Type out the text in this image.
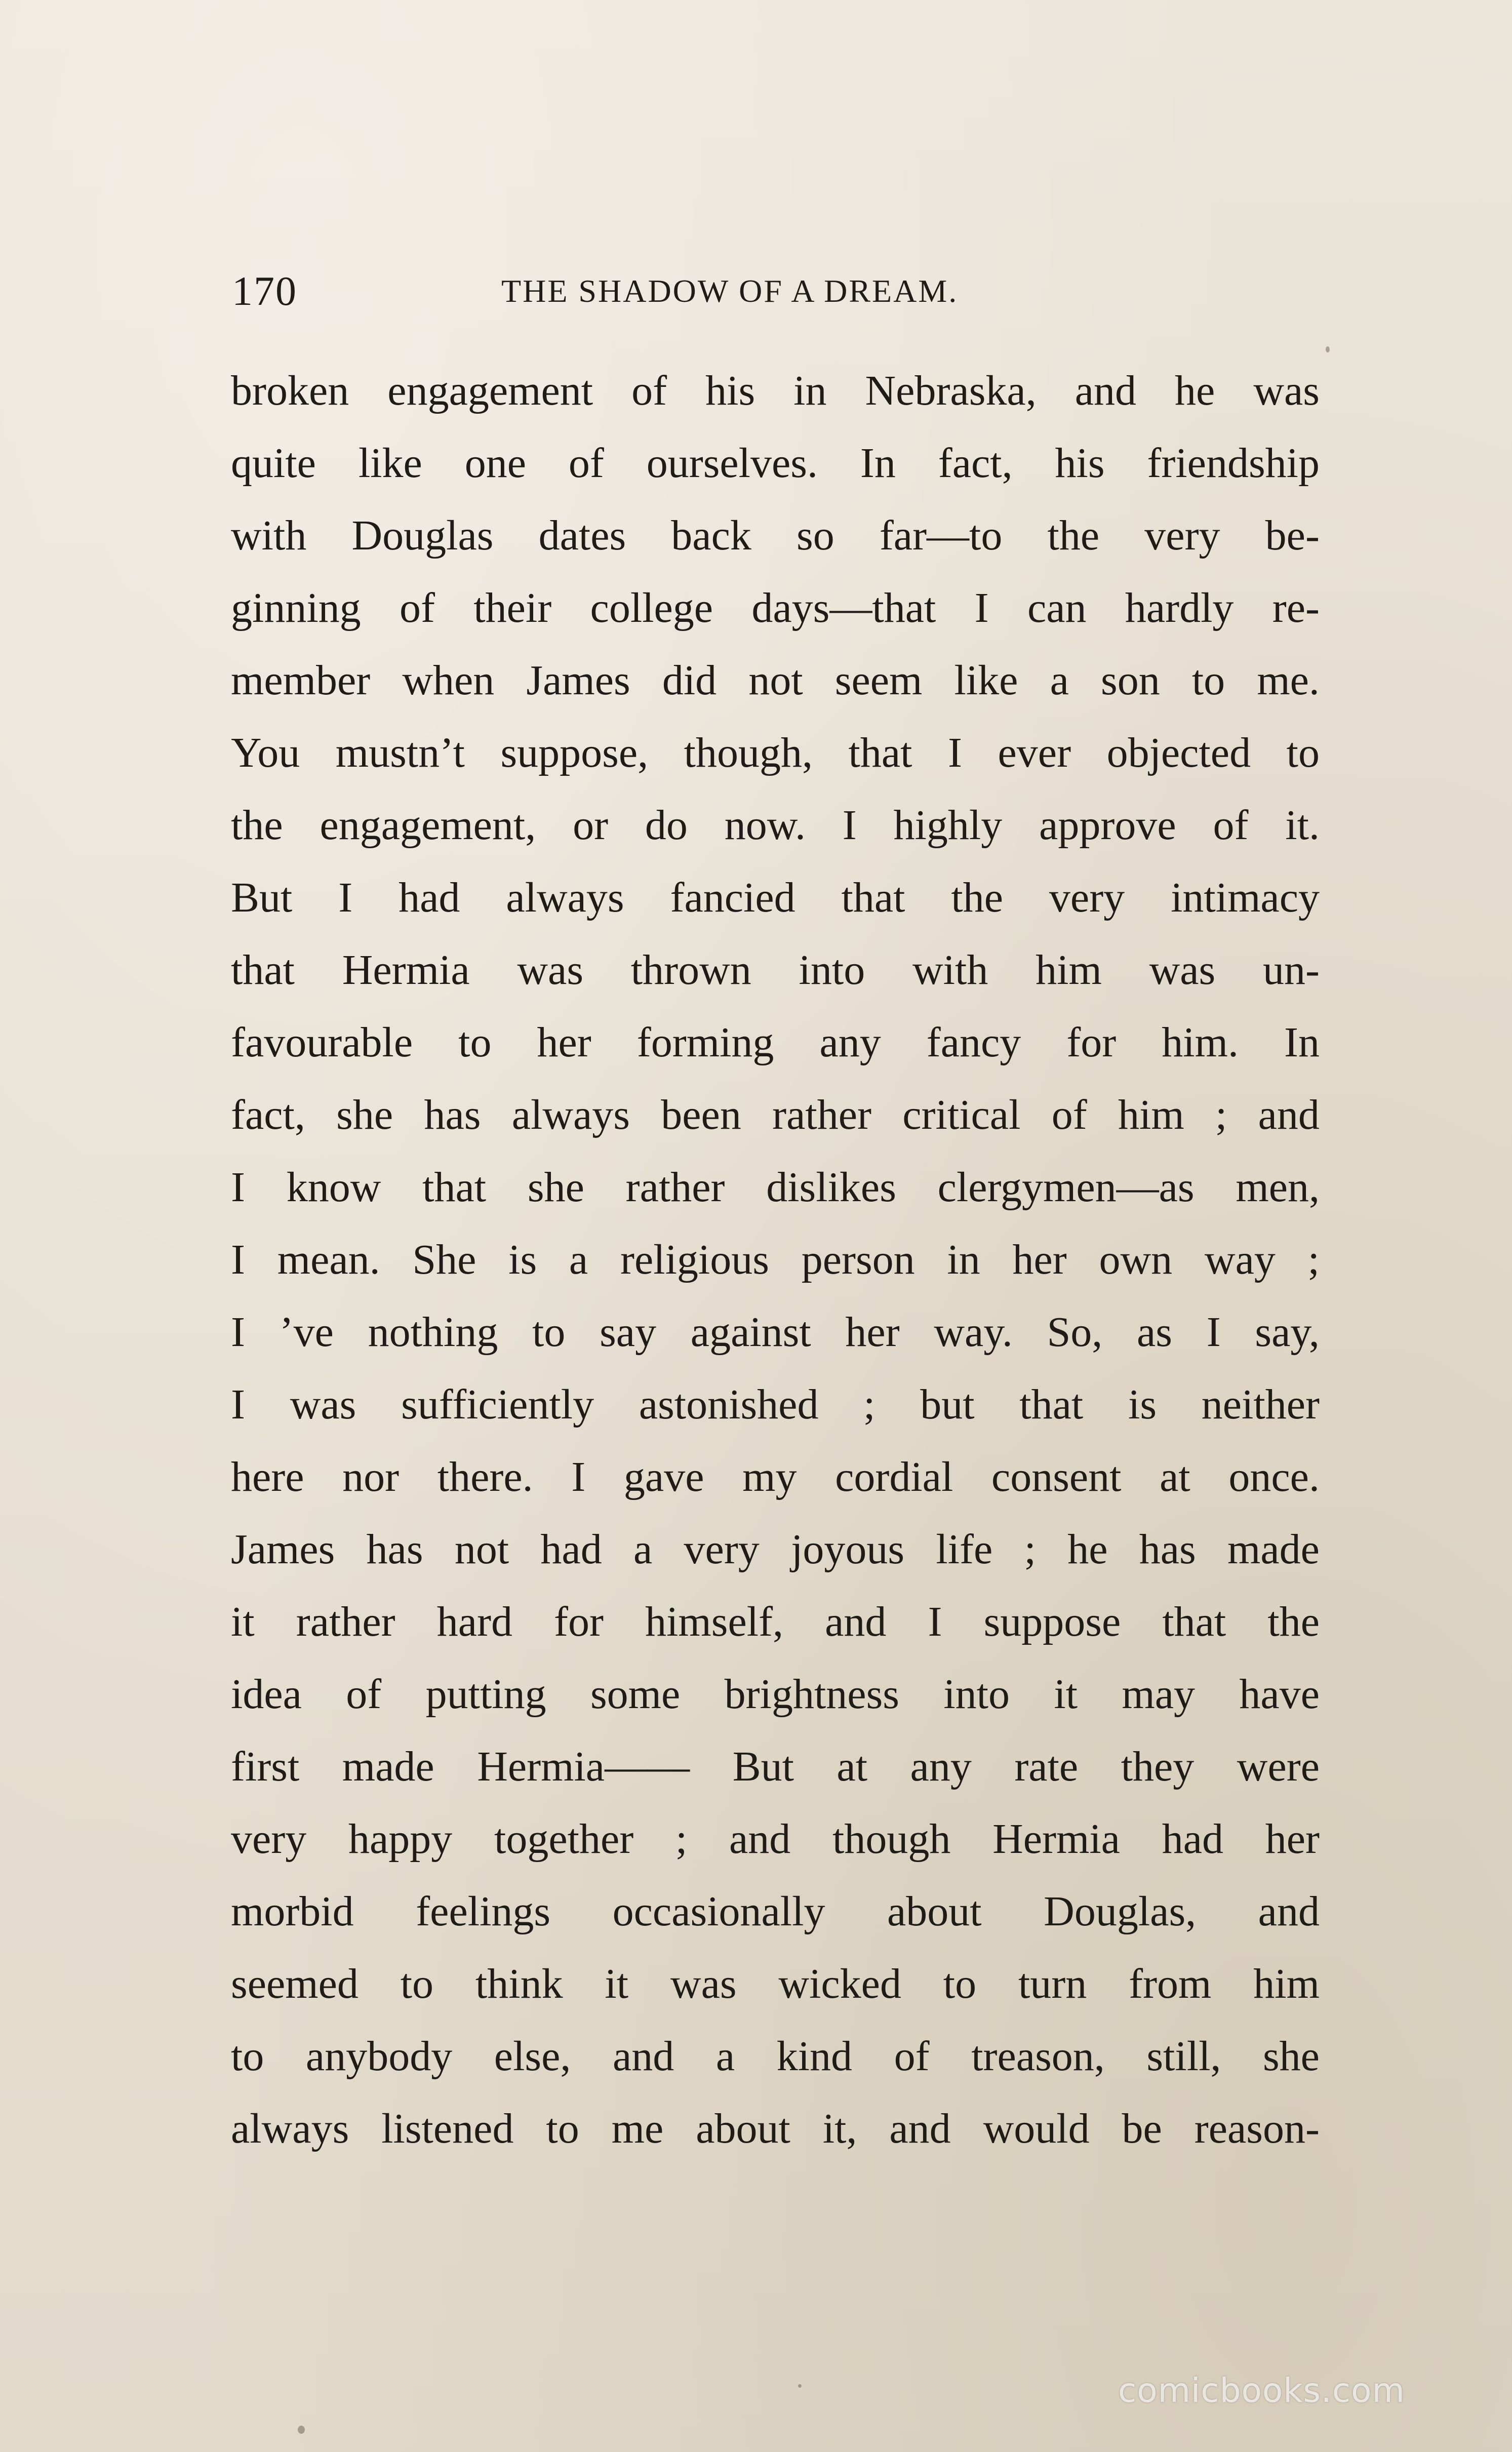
170	THE SHADOW OF A DREAM.
broken engagement of his in Nebraska, and he was
quite like one of ourselves. In fact, his friendship
with Douglas dates back so far—to the very be-
ginning of their college days—that I can hardly re-
member when James did not seem like a son to me.
You mustn’t suppose, though, that I ever objected to
the engagement, or do now. I highly approve of it.
But I had always fancied that the very intimacy
that Hermia was thrown into with him was un-
favourable to her forming any fancy for him. In
fact, she has always been rather critical of him ; and
I know that she rather dislikes clergymen—as men,
I mean. She is a religious person in her own way ;
I ’ve nothing to say against her way. So, as I say,
I was sufficiently astonished ; but that is neither
here nor there. I gave my cordial consent at once.
James has not had a very joyous life ; he has made
it rather hard for himself, and I suppose that the
idea of putting some brightness into it may have
first made Hermia—— But at any rate they were
very happy together ; and though Hermia had her
morbid feelings occasionally about Douglas, and
seemed to think it was wicked to turn from him
to anybody else, and a kind of treason, still, she
always listened to me about it, and would be reason-
comicbooks.com
